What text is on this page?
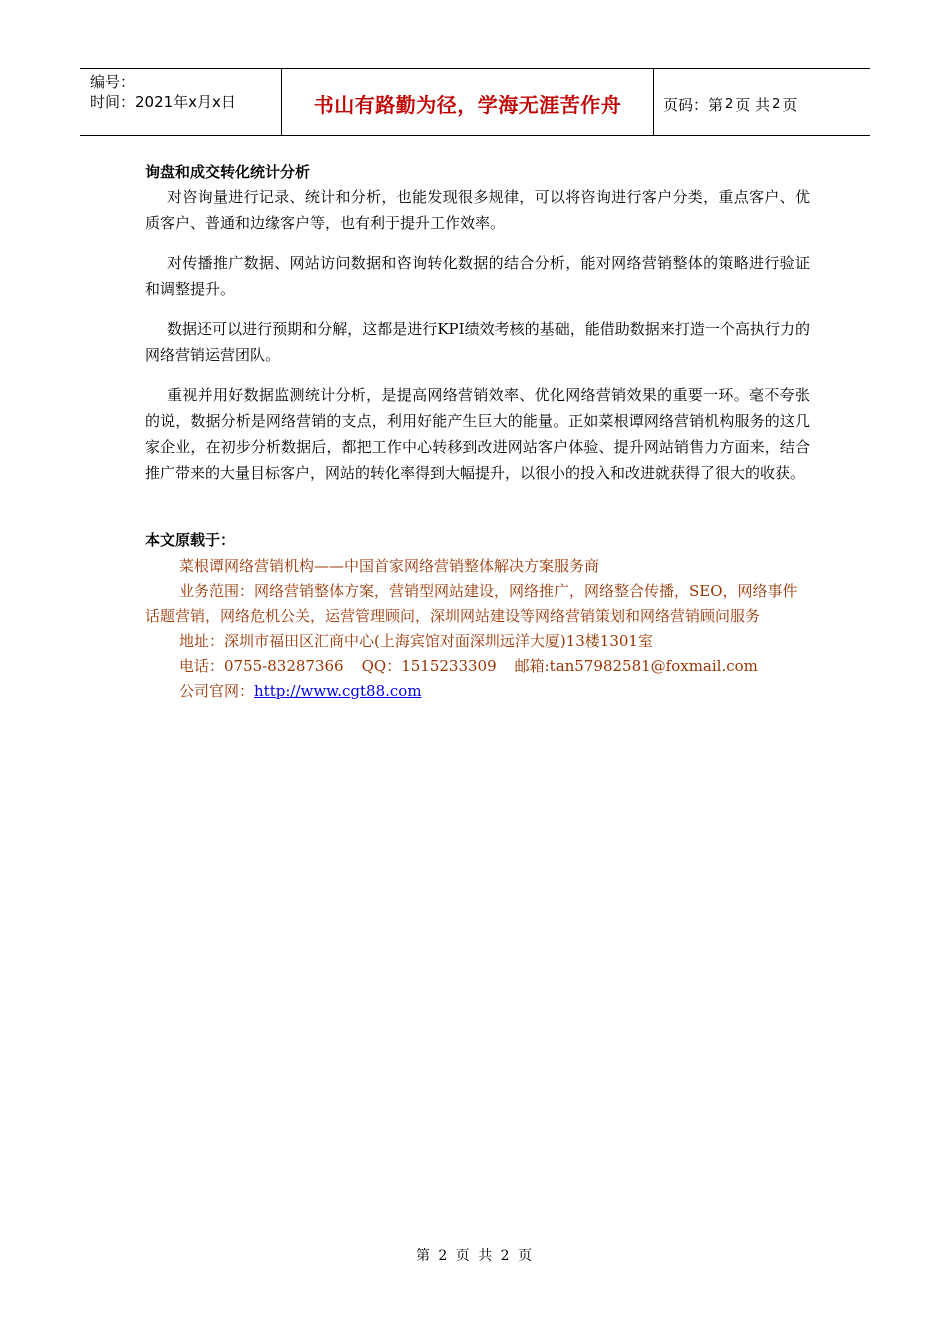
编号：
时间：2021年x月x日	书山有路勤为径，学海无涯苦作舟	页码：第 2 页 共 2 页

询盘和成交转化统计分析

对咨询量进行记录、统计和分析，也能发现很多规律，可以将咨询进行客户分类，重点客户、优质客户、普通和边缘客户等，也有利于提升工作效率。

对传播推广数据、网站访问数据和咨询转化数据的结合分析，能对网络营销整体的策略进行验证和调整提升。

数据还可以进行预期和分解，这都是进行KPI绩效考核的基础，能借助数据来打造一个高执行力的网络营销运营团队。

重视并用好数据监测统计分析，是提高网络营销效率、优化网络营销效果的重要一环。毫不夸张的说，数据分析是网络营销的支点，利用好能产生巨大的能量。正如菜根谭网络营销机构服务的这几家企业，在初步分析数据后，都把工作中心转移到改进网站客户体验、提升网站销售力方面来，结合推广带来的大量目标客户，网站的转化率得到大幅提升，以很小的投入和改进就获得了很大的收获。

本文原载于：

菜根谭网络营销机构——中国首家网络营销整体解决方案服务商

业务范围：网络营销整体方案，营销型网站建设，网络推广，网络整合传播，SEO，网络事件话题营销，网络危机公关，运营管理顾问，深圳网站建设等网络营销策划和网络营销顾问服务

地址：深圳市福田区汇商中心(上海宾馆对面深圳远洋大厦)13楼1301室

电话：0755-83287366 QQ：1515233309 邮箱:tan57982581@foxmail.com

公司官网：http://www.cgt88.com

第 2 页 共 2 页
